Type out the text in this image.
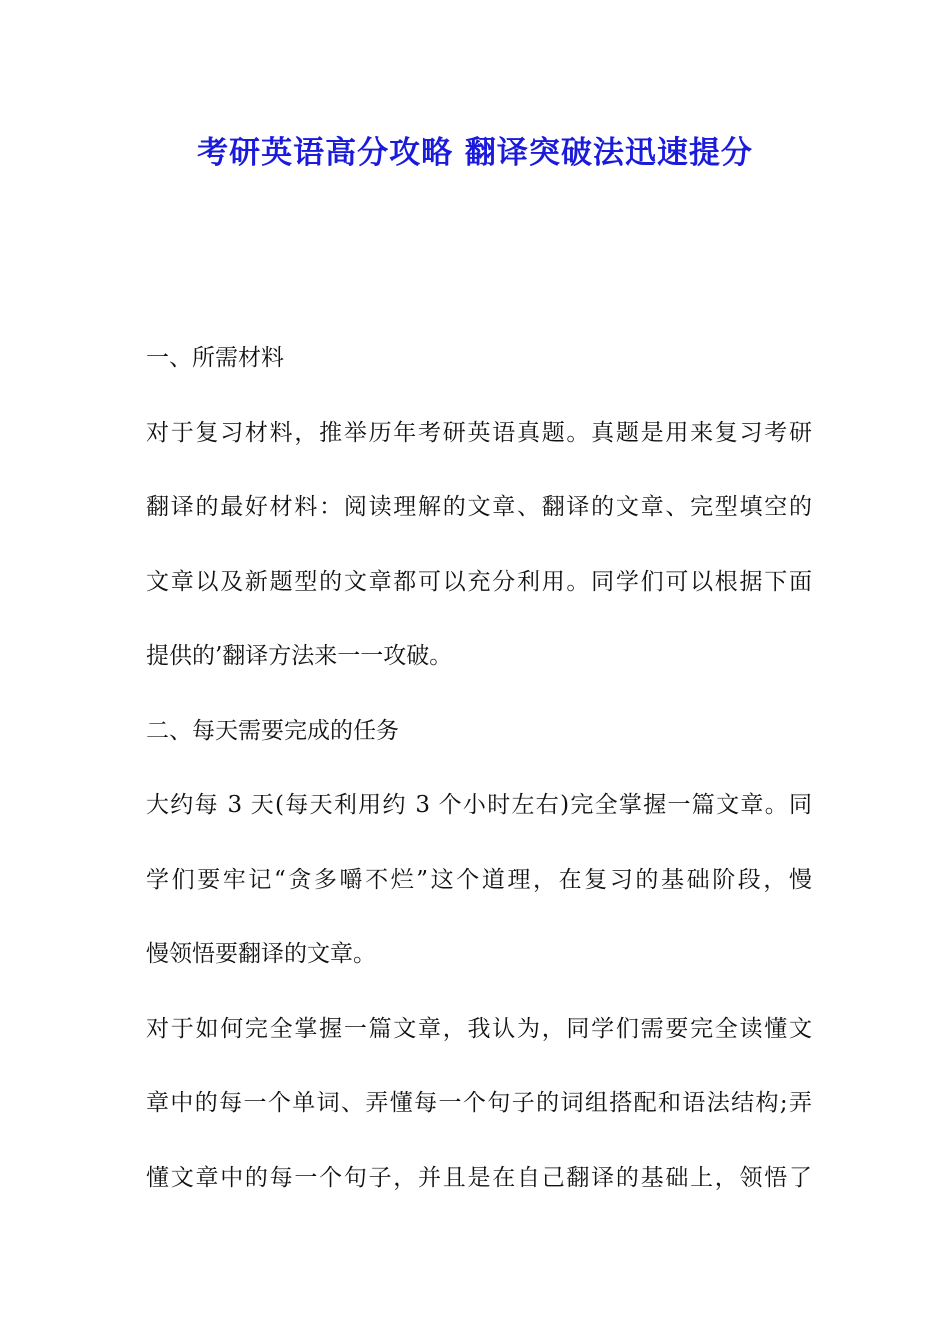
考研英语高分攻略 翻译突破法迅速提分
一、所需材料
对于复习材料，推举历年考研英语真题。真题是用来复习考研
翻译的最好材料：阅读理解的文章、翻译的文章、完型填空的
文章以及新题型的文章都可以充分利用。同学们可以根据下面
提供的’翻译方法来一一攻破。
二、每天需要完成的任务
大约每 3 天(每天利用约 3 个小时左右)完全掌握一篇文章。同
学们要牢记“贪多嚼不烂”这个道理，在复习的基础阶段，慢
慢领悟要翻译的文章。
对于如何完全掌握一篇文章，我认为，同学们需要完全读懂文
章中的每一个单词、弄懂每一个句子的词组搭配和语法结构;弄
懂文章中的每一个句子，并且是在自己翻译的基础上，领悟了
